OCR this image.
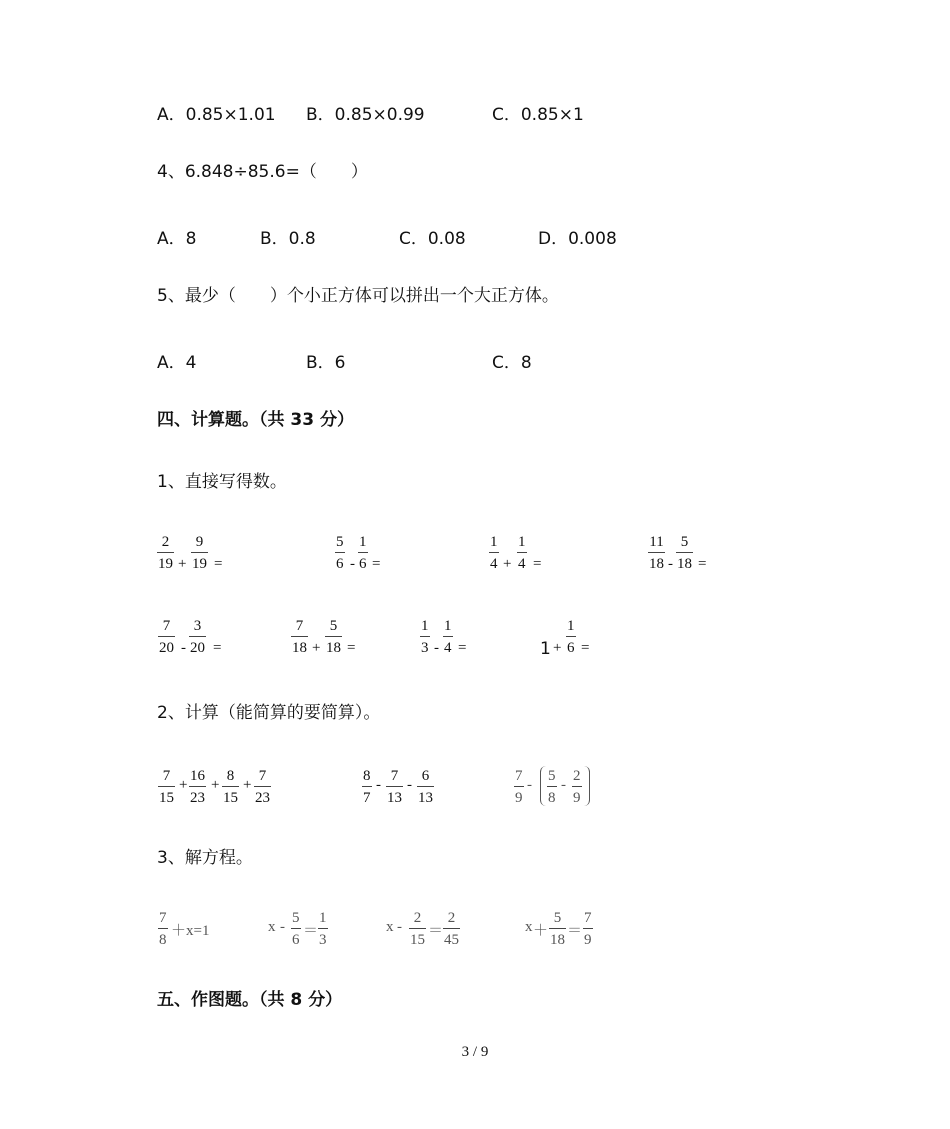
A．0.85×1.01 B．0.85×0.99	C．0.85×1
4、6.848÷85.6=（　　）
A．8	B．0.8	C．0.08	D．0.008
5、最少（　　）个小正方体可以拼出一个大正方体。
A．4	B．6	C．8
四、计算题。（共 33 分）
1、直接写得数。
2
19 +
9
19 =
5
6 -
1
6 =
1
4 +
1
4 =
11
18 -
5
18 =
7
20 -
3
20 =
7
18 +
5
18 =
1
3 -
1
4 =	1 +
1
6 =
2、计算（能简算的要简算）。
7
15
+
16
23
+
8
15
+
7
23
8
7
-
7
13
-
6
13
7
9
-
5
8
-
2
9
3、解方程。
7
8
＋x=1	x -
5
6
＝
1
3
x -
2
15
＝
2
45
x ＋
5
18
＝
7
9
五、作图题。（共 8 分）
3 / 9
